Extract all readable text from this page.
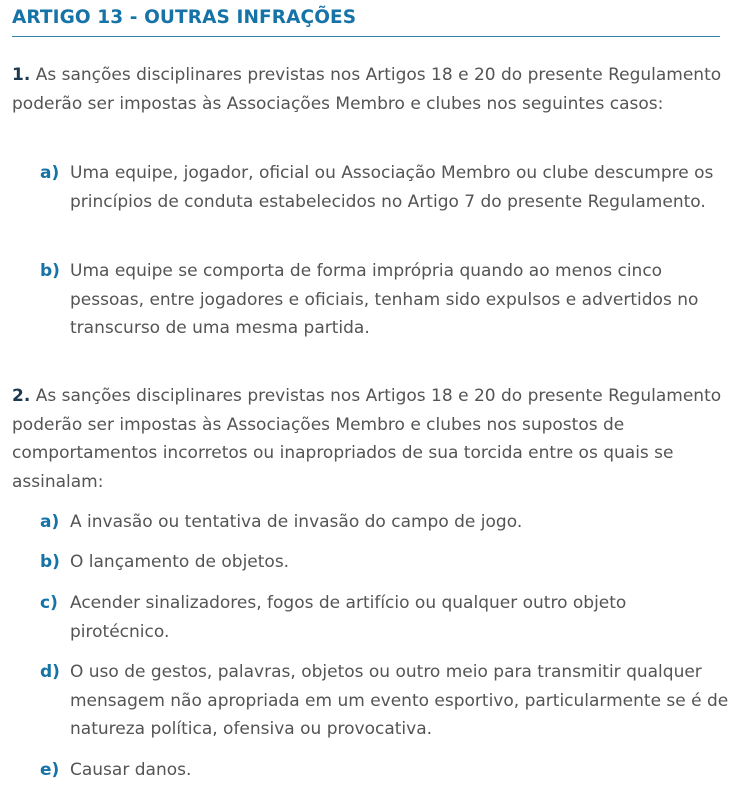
ARTIGO 13 - OUTRAS INFRAÇÕES

1. As sanções disciplinares previstas nos Artigos 18 e 20 do presente Regulamento poderão ser impostas às Associações Membro e clubes nos seguintes casos:

a) Uma equipe, jogador, oficial ou Associação Membro ou clube descumpre os princípios de conduta estabelecidos no Artigo 7 do presente Regulamento.

b) Uma equipe se comporta de forma imprópria quando ao menos cinco pessoas, entre jogadores e oficiais, tenham sido expulsos e advertidos no transcurso de uma mesma partida.

2. As sanções disciplinares previstas nos Artigos 18 e 20 do presente Regulamento poderão ser impostas às Associações Membro e clubes nos supostos de comportamentos incorretos ou inapropriados de sua torcida entre os quais se assinalam:

a) A invasão ou tentativa de invasão do campo de jogo.

b) O lançamento de objetos.

c) Acender sinalizadores, fogos de artifício ou qualquer outro objeto pirotécnico.

d) O uso de gestos, palavras, objetos ou outro meio para transmitir qualquer mensagem não apropriada em um evento esportivo, particularmente se é de natureza política, ofensiva ou provocativa.

e) Causar danos.
